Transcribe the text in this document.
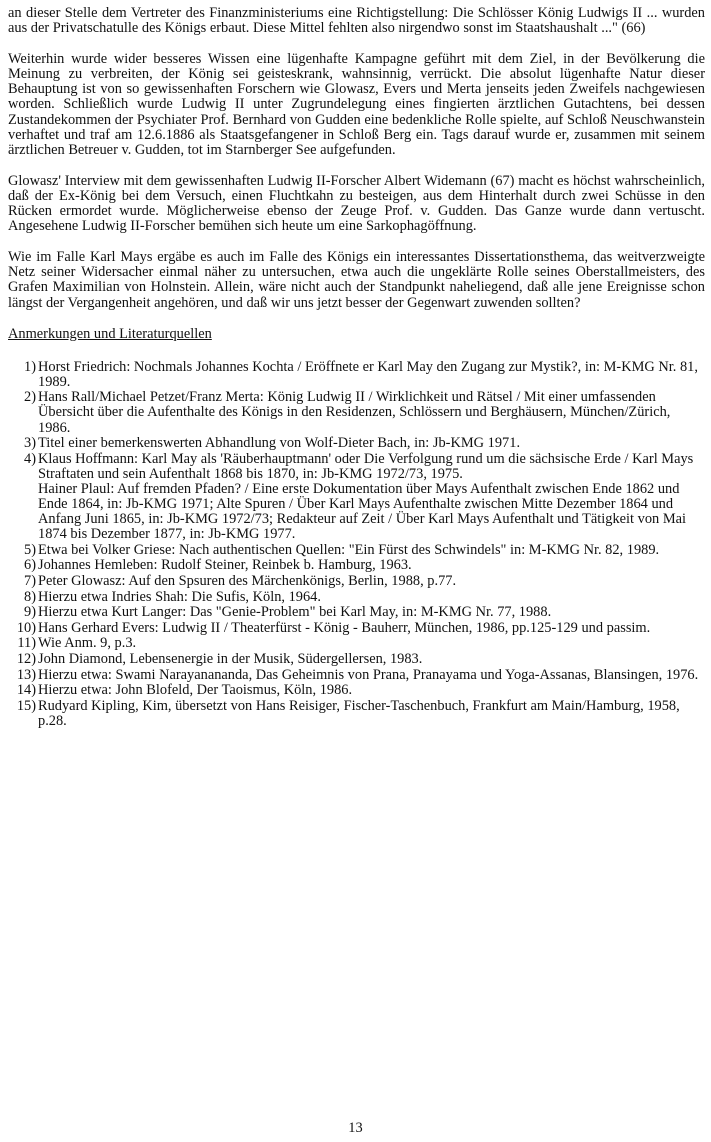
an dieser Stelle dem Vertreter des Finanzministeriums eine Richtigstellung: Die Schlösser König Ludwigs II ... wurden aus der Privatschatulle des Königs erbaut. Diese Mittel fehlten also nirgendwo sonst im Staatshaushalt ..." (66)

Weiterhin wurde wider besseres Wissen eine lügenhafte Kampagne geführt mit dem Ziel, in der Bevölkerung die Meinung zu verbreiten, der König sei geisteskrank, wahnsinnig, verrückt. Die absolut lügenhafte Natur dieser Behauptung ist von so gewissenhaften Forschern wie Glowasz, Evers und Merta jenseits jeden Zweifels nachgewiesen worden. Schließlich wurde Ludwig II unter Zugrundelegung eines fingierten ärztlichen Gutachtens, bei dessen Zustandekommen der Psychiater Prof. Bernhard von Gudden eine bedenkliche Rolle spielte, auf Schloß Neuschwanstein verhaftet und traf am 12.6.1886 als Staatsgefangener in Schloß Berg ein. Tags darauf wurde er, zusammen mit seinem ärztlichen Betreuer v. Gudden, tot im Starnberger See aufgefunden.

Glowasz' Interview mit dem gewissenhaften Ludwig II-Forscher Albert Widemann (67) macht es höchst wahrscheinlich, daß der Ex-König bei dem Versuch, einen Fluchtkahn zu besteigen, aus dem Hinterhalt durch zwei Schüsse in den Rücken ermordet wurde. Möglicherweise ebenso der Zeuge Prof. v. Gudden. Das Ganze wurde dann vertuscht. Angesehene Ludwig II-Forscher bemühen sich heute um eine Sarkophagöffnung.

Wie im Falle Karl Mays ergäbe es auch im Falle des Königs ein interessantes Dissertationsthema, das weitverzweigte Netz seiner Widersacher einmal näher zu untersuchen, etwa auch die ungeklärte Rolle seines Oberstallmeisters, des Grafen Maximilian von Holnstein. Allein, wäre nicht auch der Standpunkt naheliegend, daß alle jene Ereignisse schon längst der Vergangenheit angehören, und daß wir uns jetzt besser der Gegenwart zuwenden sollten?

Anmerkungen und Literaturquellen
1) Horst Friedrich: Nochmals Johannes Kochta / Eröffnete er Karl May den Zugang zur Mystik?, in: M-KMG Nr. 81, 1989.
2) Hans Rall/Michael Petzet/Franz Merta: König Ludwig II / Wirklichkeit und Rätsel / Mit einer umfassenden Übersicht über die Aufenthalte des Königs in den Residenzen, Schlössern und Berghäusern, München/Zürich, 1986.
3) Titel einer bemerkenswerten Abhandlung von Wolf-Dieter Bach, in: Jb-KMG 1971.
4) Klaus Hoffmann: Karl May als 'Räuberhauptmann' oder Die Verfolgung rund um die sächsische Erde / Karl Mays Straftaten und sein Aufenthalt 1868 bis 1870, in: Jb-KMG 1972/73, 1975.
Hainer Plaul: Auf fremden Pfaden? / Eine erste Dokumentation über Mays Aufenthalt zwischen Ende 1862 und Ende 1864, in: Jb-KMG 1971; Alte Spuren / Über Karl Mays Aufenthalte zwischen Mitte Dezember 1864 und Anfang Juni 1865, in: Jb-KMG 1972/73; Redakteur auf Zeit / Über Karl Mays Aufenthalt und Tätigkeit von Mai 1874 bis Dezember 1877, in: Jb-KMG 1977.
5) Etwa bei Volker Griese: Nach authentischen Quellen: "Ein Fürst des Schwindels" in: M-KMG Nr. 82, 1989.
6) Johannes Hemleben: Rudolf Steiner, Reinbek b. Hamburg, 1963.
7) Peter Glowasz: Auf den Spsuren des Märchenkönigs, Berlin, 1988, p.77.
8) Hierzu etwa Indries Shah: Die Sufis, Köln, 1964.
9) Hierzu etwa Kurt Langer: Das "Genie-Problem" bei Karl May, in: M-KMG Nr. 77, 1988.
10) Hans Gerhard Evers: Ludwig II / Theaterfürst - König - Bauherr, München, 1986, pp.125-129 und passim.
11) Wie Anm. 9, p.3.
12) John Diamond, Lebensenergie in der Musik, Südergellersen, 1983.
13) Hierzu etwa: Swami Narayanananda, Das Geheimnis von Prana, Pranayama und Yoga-Assanas, Blansingen, 1976.
14) Hierzu etwa: John Blofeld, Der Taoismus, Köln, 1986.
15) Rudyard Kipling, Kim, übersetzt von Hans Reisiger, Fischer-Taschenbuch, Frankfurt am Main/Hamburg, 1958, p.28.
13
